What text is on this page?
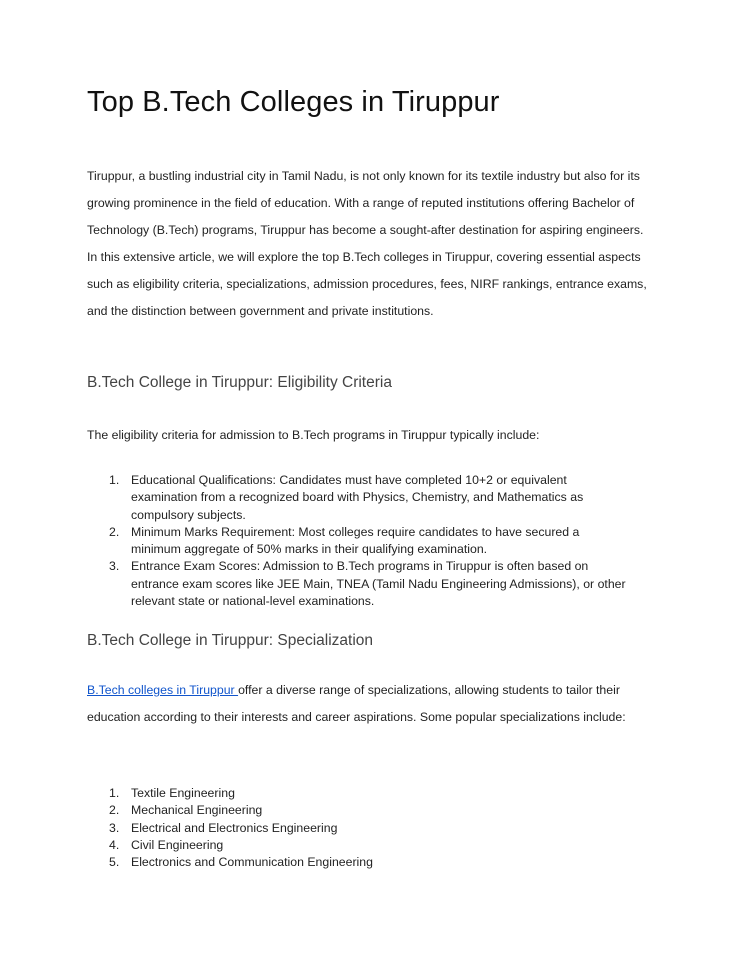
Top B.Tech Colleges in Tiruppur

Tiruppur, a bustling industrial city in Tamil Nadu, is not only known for its textile industry but also for its growing prominence in the field of education. With a range of reputed institutions offering Bachelor of Technology (B.Tech) programs, Tiruppur has become a sought-after destination for aspiring engineers. In this extensive article, we will explore the top B.Tech colleges in Tiruppur, covering essential aspects such as eligibility criteria, specializations, admission procedures, fees, NIRF rankings, entrance exams, and the distinction between government and private institutions.

B.Tech College in Tiruppur: Eligibility Criteria

The eligibility criteria for admission to B.Tech programs in Tiruppur typically include:

1. Educational Qualifications: Candidates must have completed 10+2 or equivalent examination from a recognized board with Physics, Chemistry, and Mathematics as compulsory subjects.
2. Minimum Marks Requirement: Most colleges require candidates to have secured a minimum aggregate of 50% marks in their qualifying examination.
3. Entrance Exam Scores: Admission to B.Tech programs in Tiruppur is often based on entrance exam scores like JEE Main, TNEA (Tamil Nadu Engineering Admissions), or other relevant state or national-level examinations.
B.Tech College in Tiruppur: Specialization

B.Tech colleges in Tiruppur offer a diverse range of specializations, allowing students to tailor their education according to their interests and career aspirations. Some popular specializations include:

1. Textile Engineering
2. Mechanical Engineering
3. Electrical and Electronics Engineering
4. Civil Engineering
5. Electronics and Communication Engineering
